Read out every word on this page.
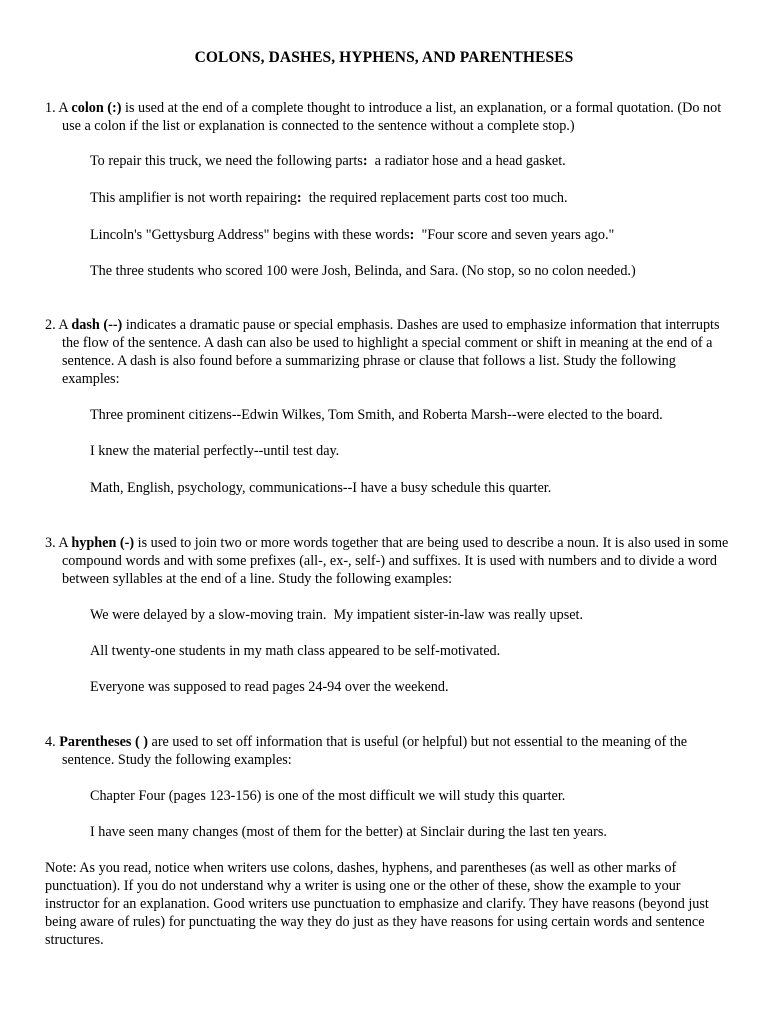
COLONS, DASHES, HYPHENS, AND PARENTHESES

1. A colon (:) is used at the end of a complete thought to introduce a list, an explanation, or a formal quotation. (Do not use a colon if the list or explanation is connected to the sentence without a complete stop.)

To repair this truck, we need the following parts:  a radiator hose and a head gasket.
This amplifier is not worth repairing:  the required replacement parts cost too much.
Lincoln's "Gettysburg Address" begins with these words:  "Four score and seven years ago."
The three students who scored 100 were Josh, Belinda, and Sara. (No stop, so no colon needed.)

2. A dash (--) indicates a dramatic pause or special emphasis. Dashes are used to emphasize information that interrupts the flow of the sentence. A dash can also be used to highlight a special comment or shift in meaning at the end of a sentence. A dash is also found before a summarizing phrase or clause that follows a list. Study the following examples:

Three prominent citizens--Edwin Wilkes, Tom Smith, and Roberta Marsh--were elected to the board.
I knew the material perfectly--until test day.
Math, English, psychology, communications--I have a busy schedule this quarter.

3. A hyphen (-) is used to join two or more words together that are being used to describe a noun. It is also used in some compound words and with some prefixes (all-, ex-, self-) and suffixes. It is used with numbers and to divide a word between syllables at the end of a line. Study the following examples:

We were delayed by a slow-moving train.  My impatient sister-in-law was really upset.
All twenty-one students in my math class appeared to be self-motivated.
Everyone was supposed to read pages 24-94 over the weekend.

4. Parentheses ( ) are used to set off information that is useful (or helpful) but not essential to the meaning of the sentence. Study the following examples:

Chapter Four (pages 123-156) is one of the most difficult we will study this quarter.
I have seen many changes (most of them for the better) at Sinclair during the last ten years.
Note: As you read, notice when writers use colons, dashes, hyphens, and parentheses (as well as other marks of punctuation). If you do not understand why a writer is using one or the other of these, show the example to your instructor for an explanation. Good writers use punctuation to emphasize and clarify. They have reasons (beyond just being aware of rules) for punctuating the way they do just as they have reasons for using certain words and sentence structures.
